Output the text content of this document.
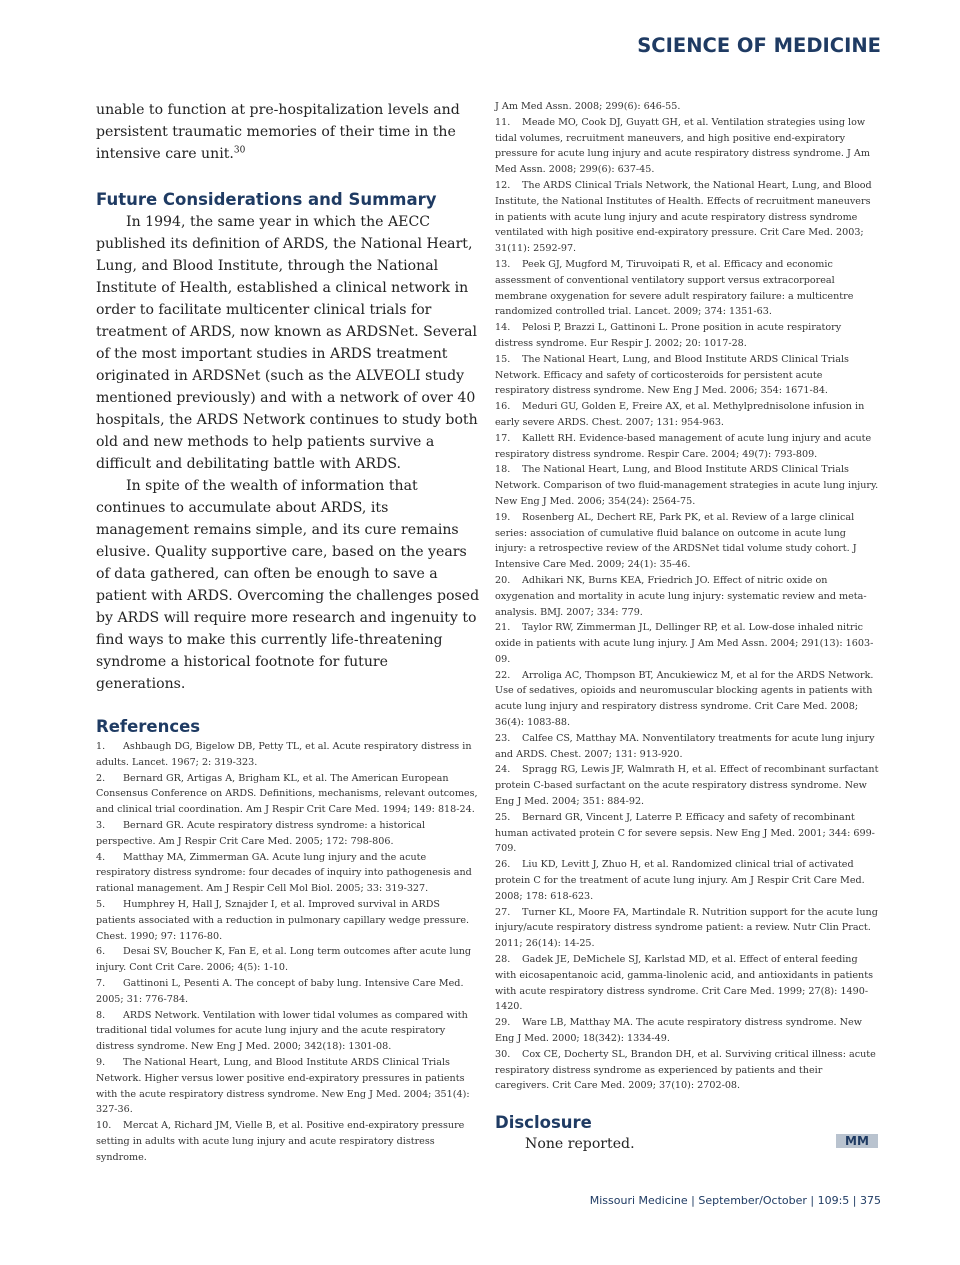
SCIENCE OF MEDICINE

unable to function at pre-hospitalization levels and persistent traumatic memories of their time in the intensive care unit.$^{30}$

Future Considerations and Summary

In 1994, the same year in which the AECC published its definition of ARDS, the National Heart, Lung, and Blood Institute, through the National Institute of Health, established a clinical network in order to facilitate multicenter clinical trials for treatment of ARDS, now known as ARDSNet. Several of the most important studies in ARDS treatment originated in ARDSNet (such as the ALVEOLI study mentioned previously) and with a network of over 40 hospitals, the ARDS Network continues to study both old and new methods to help patients survive a difficult and debilitating battle with ARDS.

In spite of the wealth of information that continues to accumulate about ARDS, its management remains simple, and its cure remains elusive. Quality supportive care, based on the years of data gathered, can often be enough to save a patient with ARDS. Overcoming the challenges posed by ARDS will require more research and ingenuity to find ways to make this currently life-threatening syndrome a historical footnote for future generations.

References

1. Ashbaugh DG, Bigelow DB, Petty TL, et al. Acute respiratory distress in adults. Lancet. 1967; 2: 319-323.

2. Bernard GR, Artigas A, Brigham KL, et al. The American European Consensus Conference on ARDS. Definitions, mechanisms, relevant outcomes, and clinical trial coordination. Am J Respir Crit Care Med. 1994; 149: 818-24.

3. Bernard GR. Acute respiratory distress syndrome: a historical perspective. Am J Respir Crit Care Med. 2005; 172: 798-806.

4. Matthay MA, Zimmerman GA. Acute lung injury and the acute respiratory distress syndrome: four decades of inquiry into pathogenesis and rational management. Am J Respir Cell Mol Biol. 2005; 33: 319-327.

5. Humphrey H, Hall J, Sznajder I, et al. Improved survival in ARDS patients associated with a reduction in pulmonary capillary wedge pressure. Chest. 1990; 97: 1176-80.

6. Desai SV, Boucher K, Fan E, et al. Long term outcomes after acute lung injury. Cont Crit Care. 2006; 4(5): 1-10.

7. Gattinoni L, Pesenti A. The concept of baby lung. Intensive Care Med. 2005; 31: 776-784.

8. ARDS Network. Ventilation with lower tidal volumes as compared with traditional tidal volumes for acute lung injury and the acute respiratory distress syndrome. New Eng J Med. 2000; 342(18): 1301-08.

9. The National Heart, Lung, and Blood Institute ARDS Clinical Trials Network. Higher versus lower positive end-expiratory pressures in patients with the acute respiratory distress syndrome. New Eng J Med. 2004; 351(4): 327-36.

10. Mercat A, Richard JM, Vielle B, et al. Positive end-expiratory pressure setting in adults with acute lung injury and acute respiratory distress syndrome.

J Am Med Assn. 2008; 299(6): 646-55.

11. Meade MO, Cook DJ, Guyatt GH, et al. Ventilation strategies using low tidal volumes, recruitment maneuvers, and high positive end-expiratory pressure for acute lung injury and acute respiratory distress syndrome. J Am Med Assn. 2008; 299(6): 637-45.

12. The ARDS Clinical Trials Network, the National Heart, Lung, and Blood Institute, the National Institutes of Health. Effects of recruitment maneuvers in patients with acute lung injury and acute respiratory distress syndrome ventilated with high positive end-expiratory pressure. Crit Care Med. 2003; 31(11): 2592-97.

13. Peek GJ, Mugford M, Tiruvoipati R, et al. Efficacy and economic assessment of conventional ventilatory support versus extracorporeal membrane oxygenation for severe adult respiratory failure: a multicentre randomized controlled trial. Lancet. 2009; 374: 1351-63.

14. Pelosi P, Brazzi L, Gattinoni L. Prone position in acute respiratory distress syndrome. Eur Respir J. 2002; 20: 1017-28.

15. The National Heart, Lung, and Blood Institute ARDS Clinical Trials Network. Efficacy and safety of corticosteroids for persistent acute respiratory distress syndrome. New Eng J Med. 2006; 354: 1671-84.

16. Meduri GU, Golden E, Freire AX, et al. Methylprednisolone infusion in early severe ARDS. Chest. 2007; 131: 954-963.

17. Kallett RH. Evidence-based management of acute lung injury and acute respiratory distress syndrome. Respir Care. 2004; 49(7): 793-809.

18. The National Heart, Lung, and Blood Institute ARDS Clinical Trials Network. Comparison of two fluid-management strategies in acute lung injury. New Eng J Med. 2006; 354(24): 2564-75.

19. Rosenberg AL, Dechert RE, Park PK, et al. Review of a large clinical series: association of cumulative fluid balance on outcome in acute lung injury: a retrospective review of the ARDSNet tidal volume study cohort. J Intensive Care Med. 2009; 24(1): 35-46.

20. Adhikari NK, Burns KEA, Friedrich JO. Effect of nitric oxide on oxygenation and mortality in acute lung injury: systematic review and meta-analysis. BMJ. 2007; 334: 779.

21. Taylor RW, Zimmerman JL, Dellinger RP, et al. Low-dose inhaled nitric oxide in patients with acute lung injury. J Am Med Assn. 2004; 291(13): 1603-09.

22. Arroliga AC, Thompson BT, Ancukiewicz M, et al for the ARDS Network. Use of sedatives, opioids and neuromuscular blocking agents in patients with acute lung injury and respiratory distress syndrome. Crit Care Med. 2008; 36(4): 1083-88.

23. Calfee CS, Matthay MA. Nonventilatory treatments for acute lung injury and ARDS. Chest. 2007; 131: 913-920.

24. Spragg RG, Lewis JF, Walmrath H, et al. Effect of recombinant surfactant protein C-based surfactant on the acute respiratory distress syndrome. New Eng J Med. 2004; 351: 884-92.

25. Bernard GR, Vincent J, Laterre P. Efficacy and safety of recombinant human activated protein C for severe sepsis. New Eng J Med. 2001; 344: 699-709.

26. Liu KD, Levitt J, Zhuo H, et al. Randomized clinical trial of activated protein C for the treatment of acute lung injury. Am J Respir Crit Care Med. 2008; 178: 618-623.

27. Turner KL, Moore FA, Martindale R. Nutrition support for the acute lung injury/acute respiratory distress syndrome patient: a review. Nutr Clin Pract. 2011; 26(14): 14-25.

28. Gadek JE, DeMichele SJ, Karlstad MD, et al. Effect of enteral feeding with eicosapentanoic acid, gamma-linolenic acid, and antioxidants in patients with acute respiratory distress syndrome. Crit Care Med. 1999; 27(8): 1490-1420.

29. Ware LB, Matthay MA. The acute respiratory distress syndrome. New Eng J Med. 2000; 18(342): 1334-49.

30. Cox CE, Docherty SL, Brandon DH, et al. Surviving critical illness: acute respiratory distress syndrome as experienced by patients and their caregivers. Crit Care Med. 2009; 37(10): 2702-08.

Disclosure

None reported.	MM
Missouri Medicine | September/October | 109:5 | 375
